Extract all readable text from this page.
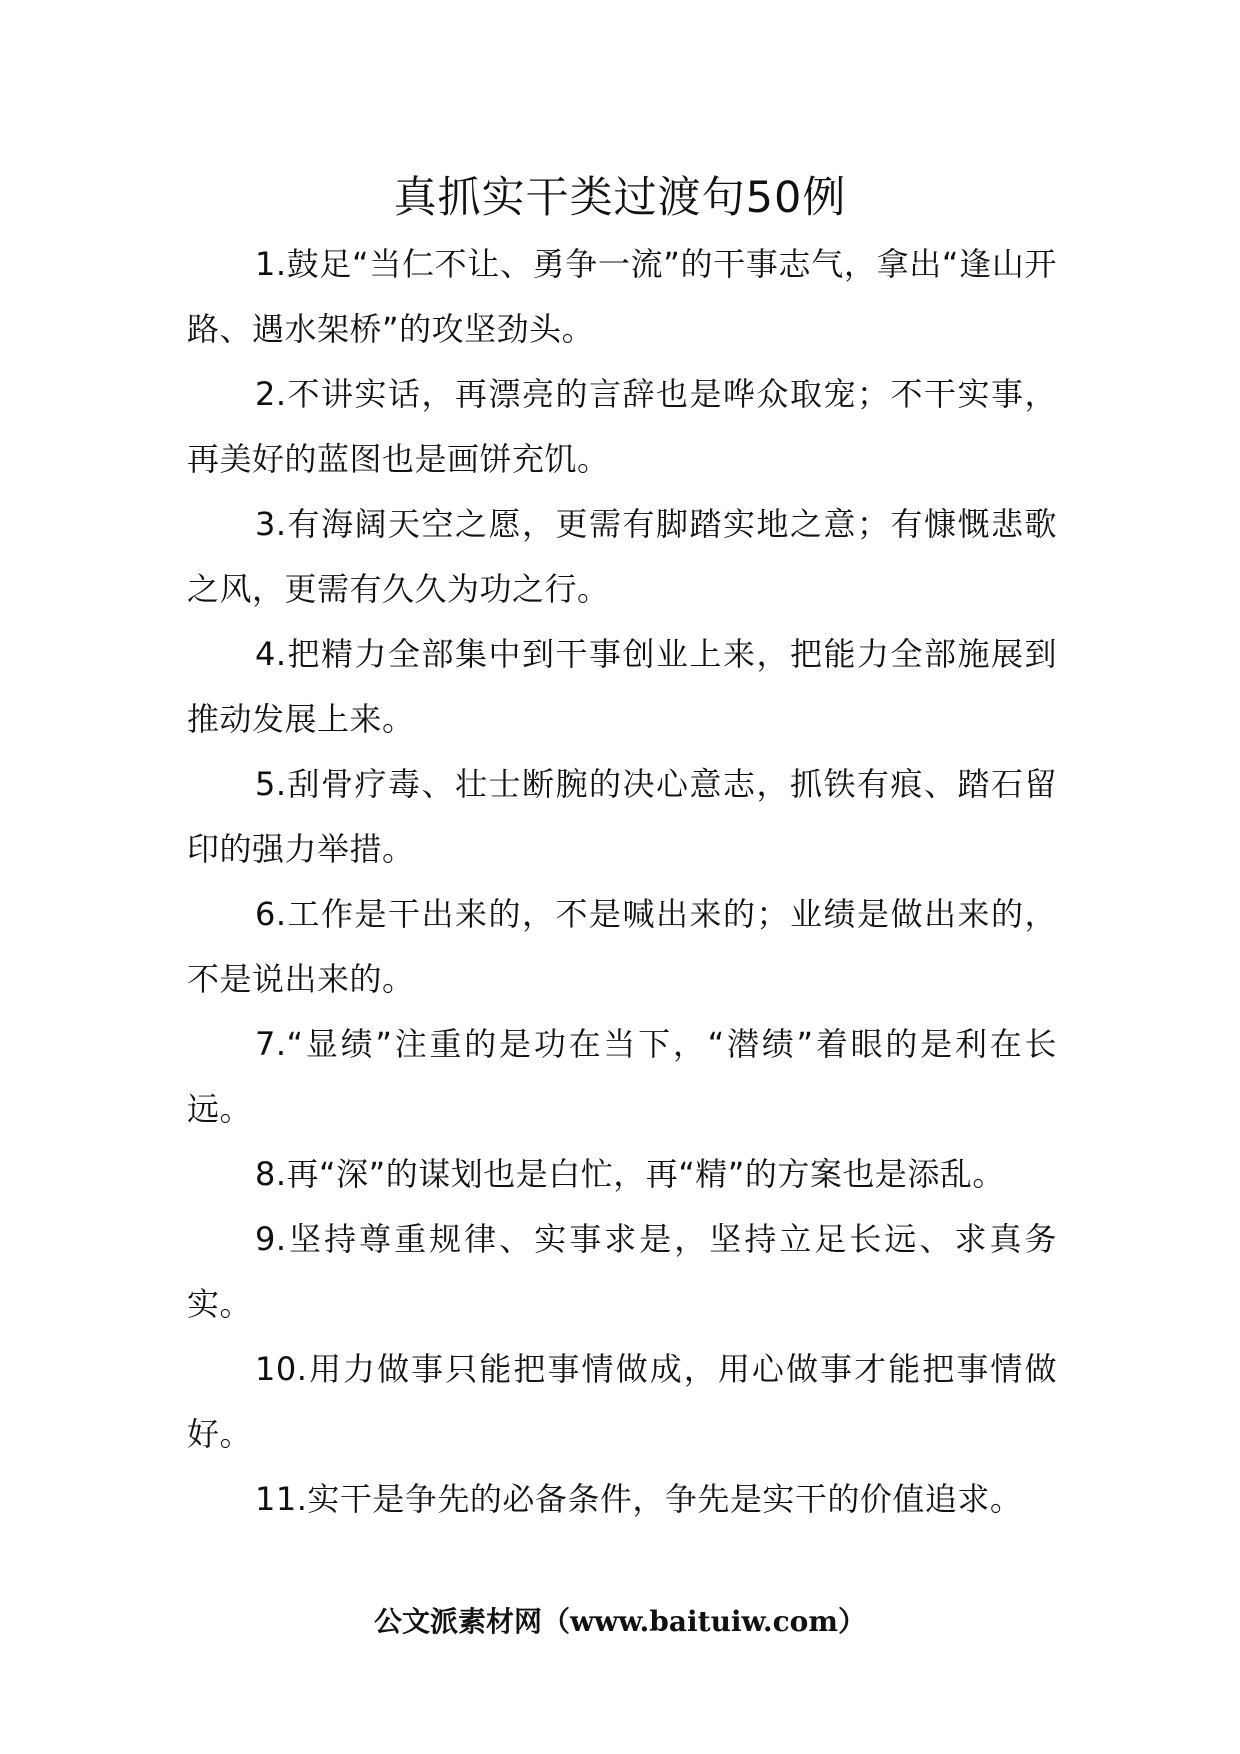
真抓实干类过渡句50例

1.鼓足“当仁不让、勇争一流”的干事志气，拿出“逢山开路、遇水架桥”的攻坚劲头。

2.不讲实话，再漂亮的言辞也是哗众取宠；不干实事，再美好的蓝图也是画饼充饥。

3.有海阔天空之愿，更需有脚踏实地之意；有慷慨悲歌之风，更需有久久为功之行。

4.把精力全部集中到干事创业上来，把能力全部施展到推动发展上来。

5.刮骨疗毒、壮士断腕的决心意志，抓铁有痕、踏石留印的强力举措。

6.工作是干出来的，不是喊出来的；业绩是做出来的，不是说出来的。

7.“显绩”注重的是功在当下，“潜绩”着眼的是利在长远。

8.再“深”的谋划也是白忙，再“精”的方案也是添乱。

9.坚持尊重规律、实事求是，坚持立足长远、求真务实。

10.用力做事只能把事情做成，用心做事才能把事情做好。

11.实干是争先的必备条件，争先是实干的价值追求。

公文派素材网（www.baituiw.com）
